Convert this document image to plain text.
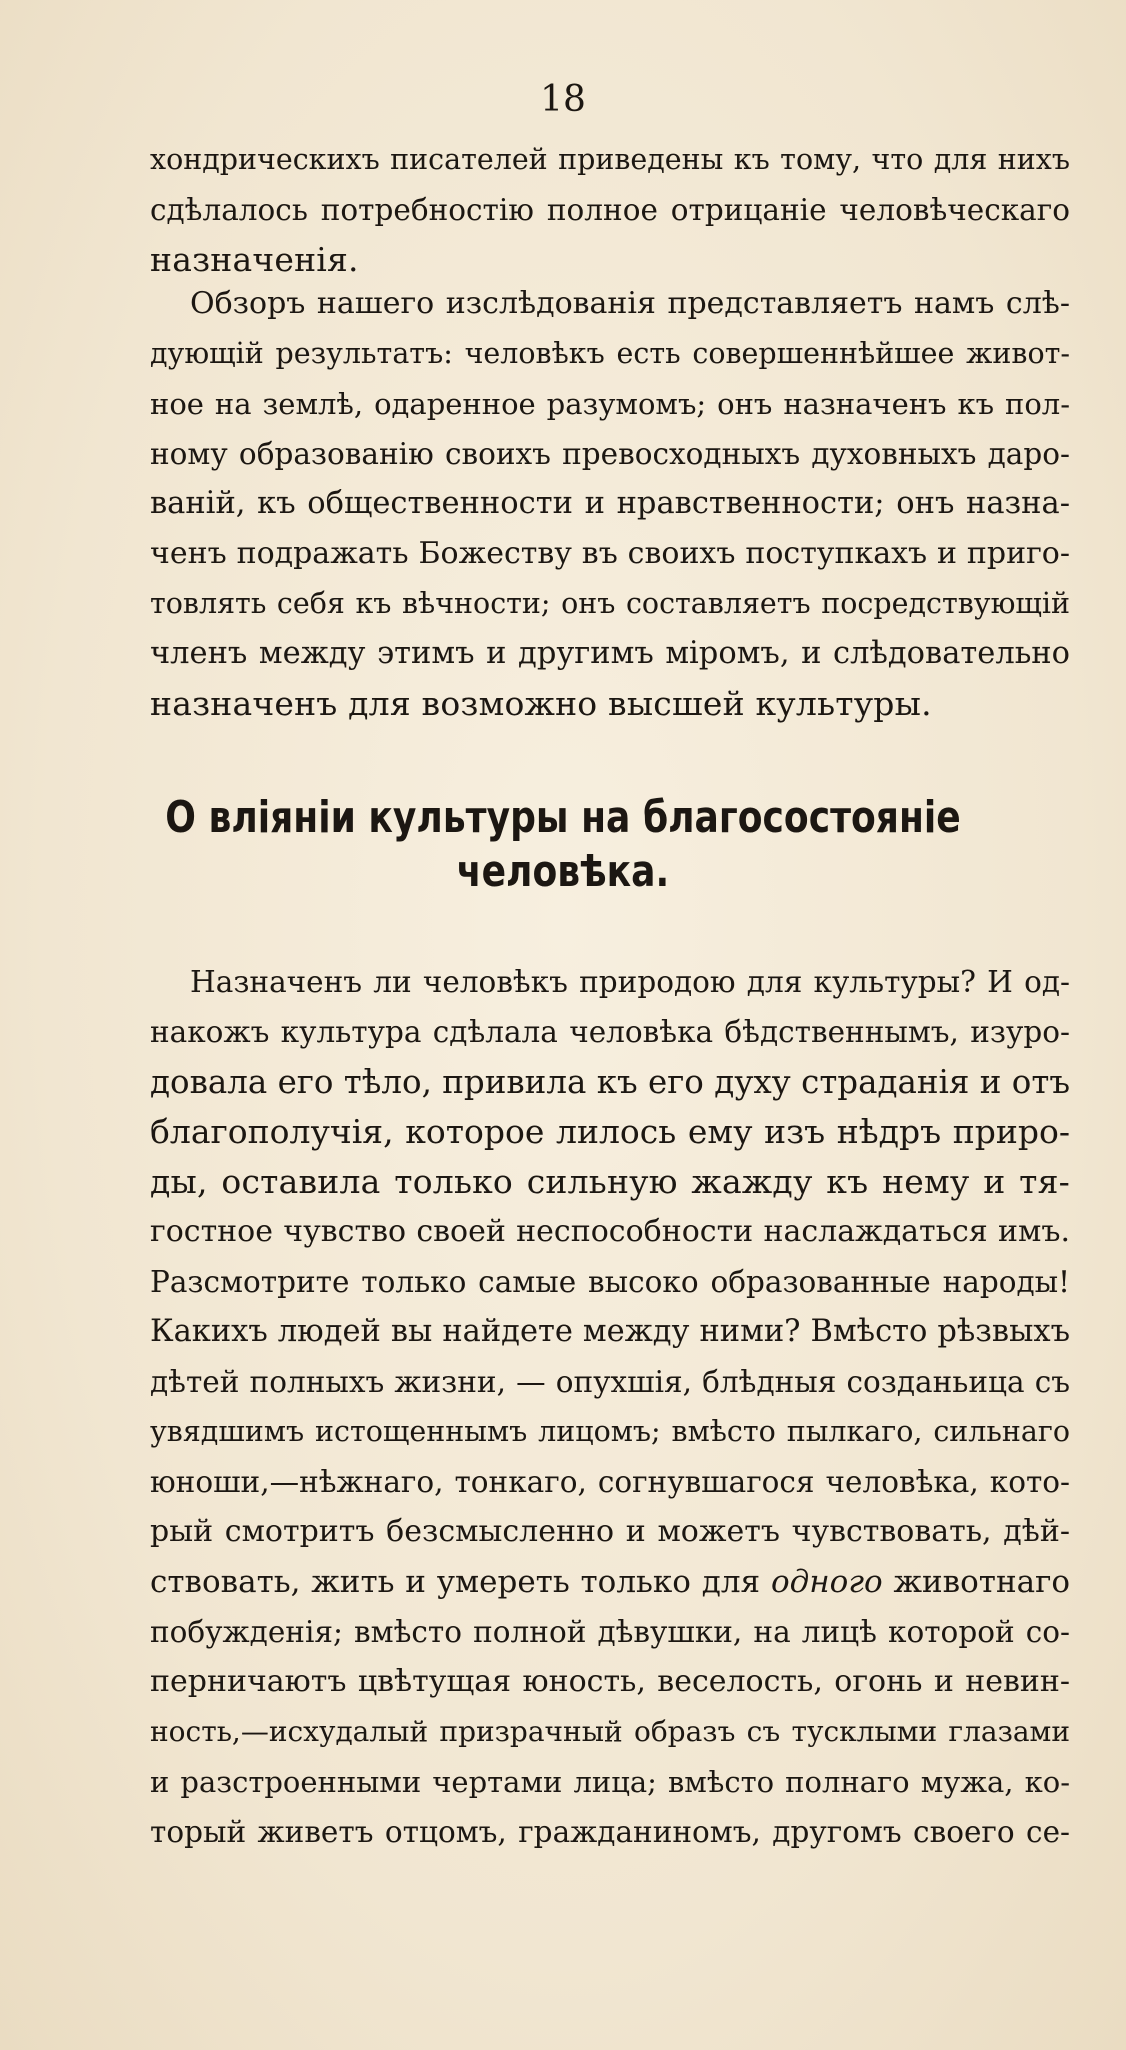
18
хондрическихъ писателей приведены къ тому, что для нихъ
сдѣлалось потребностію полное отрицанiе человѣческаго
назначенiя.
Обзоръ нашего изслѣдованiя представляетъ намъ слѣ-
дующiй результатъ: человѣкъ есть совершеннѣйшее живот-
ное на землѣ, одаренное разумомъ; онъ назначенъ къ пол-
ному образованiю своихъ превосходныхъ духовныхъ даро-
ванiй, къ общественности и нравственности; онъ назна-
ченъ подражать Божеству въ своихъ поступкахъ и приго-
товлять себя къ вѣчности; онъ составляетъ посредствующiй
членъ между этимъ и другимъ мiромъ, и слѣдовательно
назначенъ для возможно высшей культуры.
О влiянiи культуры на благосостоянiе
человѣка.
Назначенъ ли человѣкъ природою для культуры? И од-
накожъ культура сдѣлала человѣка бѣдственнымъ, изуро-
довала его тѣло, привила къ его духу страданiя и отъ
благополучiя, которое лилось ему изъ нѣдръ приро-
ды, оставила только сильную жажду къ нему и тя-
гостное чувство своей неспособности наслаждаться имъ.
Разсмотрите только самые высоко образованные народы!
Какихъ людей вы найдете между ними? Вмѣсто рѣзвыхъ
дѣтей полныхъ жизни, — опухшiя, блѣдныя созданьица съ
увядшимъ истощеннымъ лицомъ; вмѣсто пылкаго, сильнаго
юноши,—нѣжнаго, тонкаго, согнувшагося человѣка, кото-
рый смотритъ безсмысленно и можетъ чувствовать, дѣй-
ствовать, жить и умереть только для одного животнаго
побужденiя; вмѣсто полной дѣвушки, на лицѣ которой со-
перничаютъ цвѣтущая юность, веселость, огонь и невин-
ность,—исхудалый призрачный образъ съ тусклыми глазами
и разстроенными чертами лица; вмѣсто полнаго мужа, ко-
торый живетъ отцомъ, гражданиномъ, другомъ своего се-
